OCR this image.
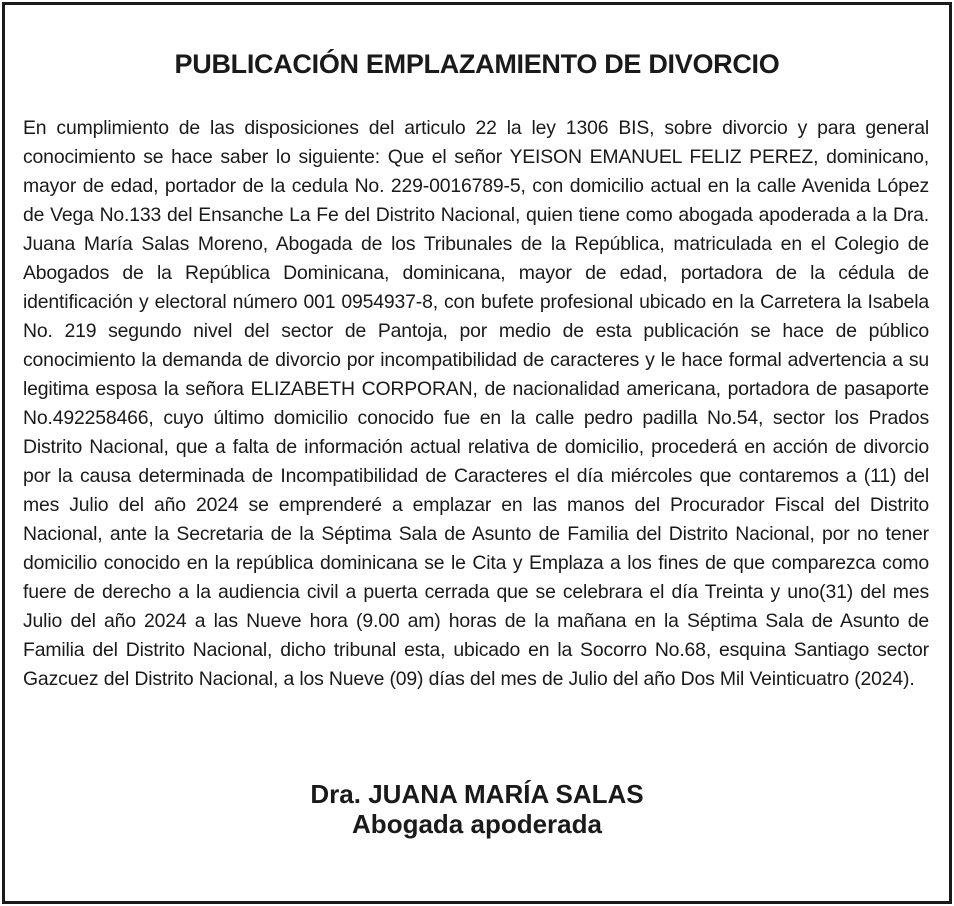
PUBLICACIÓN EMPLAZAMIENTO DE DIVORCIO

En cumplimiento de las disposiciones del articulo 22 la ley 1306 BIS, sobre divorcio y para general conocimiento se hace saber lo siguiente: Que el señor YEISON EMANUEL FELIZ PEREZ, dominicano, mayor de edad, portador de la cedula No. 229-0016789-5, con domicilio actual en la calle Avenida López de Vega No.133 del Ensanche La Fe del Distrito Nacional, quien tiene como abogada apoderada a la Dra. Juana María Salas Moreno, Abogada de los Tribunales de la República, matriculada en el Colegio de Abogados de la República Dominicana, dominicana, mayor de edad, portadora de la cédula de identificación y electoral número 001 0954937-8, con bufete profesional ubicado en la Carretera la Isabela No. 219 segundo nivel del sector de Pantoja, por medio de esta publicación se hace de público conocimiento la demanda de divorcio por incompatibilidad de caracteres y le hace formal advertencia a su legitima esposa la señora ELIZABETH CORPORAN, de nacionalidad americana, portadora de pasaporte No.492258466, cuyo último domicilio conocido fue en la calle pedro padilla No.54, sector los Prados Distrito Nacional, que a falta de información actual relativa de domicilio, procederá en acción de divorcio por la causa determinada de Incompatibilidad de Caracteres el día miércoles que contaremos a (11) del mes Julio del año 2024 se emprenderé a emplazar en las manos del Procurador Fiscal del Distrito Nacional, ante la Secretaria de la Séptima Sala de Asunto de Familia del Distrito Nacional, por no tener domicilio conocido en la república dominicana se le Cita y Emplaza a los fines de que comparezca como fuere de derecho a la audiencia civil a puerta cerrada que se celebrara el día Treinta y uno(31) del mes Julio del año 2024 a las Nueve hora (9.00 am) horas de la mañana en la Séptima Sala de Asunto de Familia del Distrito Nacional, dicho tribunal esta, ubicado en la Socorro No.68, esquina Santiago sector Gazcuez del Distrito Nacional, a los Nueve (09) días del mes de Julio del año Dos Mil Veinticuatro (2024).

Dra. JUANA MARÍA SALAS
Abogada apoderada
